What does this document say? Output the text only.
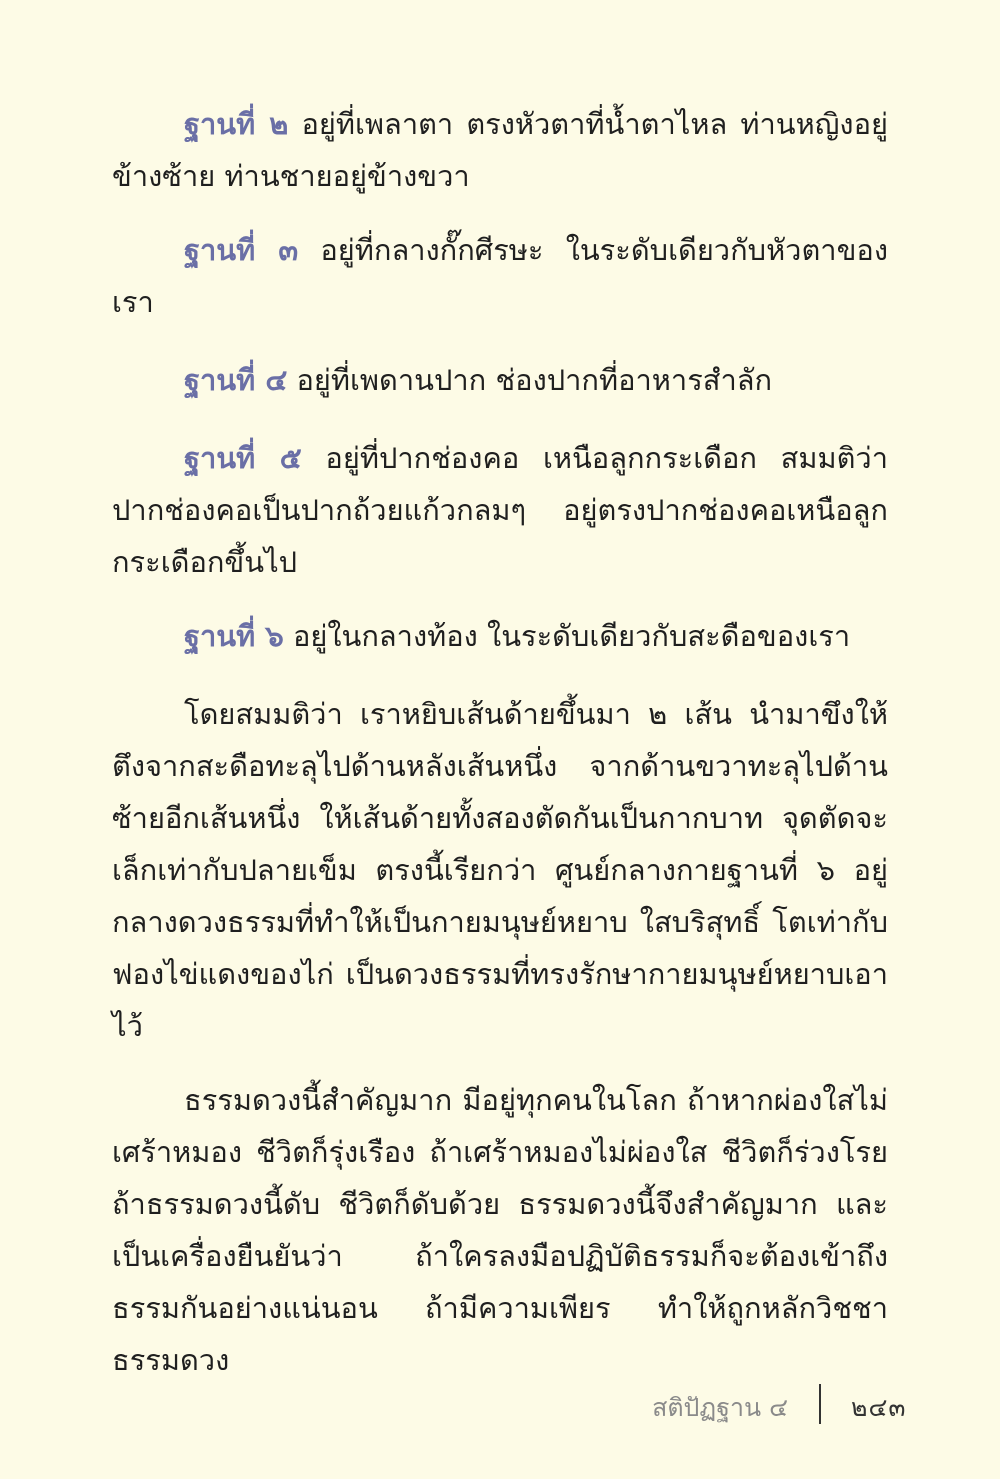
ฐานที่ ๒ อยู่ที่เพลาตา ตรงหัวตาที่น้ำตาไหล ท่านหญิงอยู่ข้างซ้าย ท่านชายอยู่ข้างขวา

ฐานที่ ๓ อยู่ที่กลางกั๊กศีรษะ ในระดับเดียวกับหัวตาของเรา

ฐานที่ ๔ อยู่ที่เพดานปาก ช่องปากที่อาหารสำลัก

ฐานที่ ๕ อยู่ที่ปากช่องคอ เหนือลูกกระเดือก สมมติว่าปากช่องคอเป็นปากถ้วยแก้วกลมๆ อยู่ตรงปากช่องคอเหนือลูกกระเดือกขึ้นไป

ฐานที่ ๖ อยู่ในกลางท้อง ในระดับเดียวกับสะดือของเรา

โดยสมมติว่า เราหยิบเส้นด้ายขึ้นมา ๒ เส้น นำมาขึงให้ตึงจากสะดือทะลุไปด้านหลังเส้นหนึ่ง จากด้านขวาทะลุไปด้านซ้ายอีกเส้นหนึ่ง ให้เส้นด้ายทั้งสองตัดกันเป็นกากบาท จุดตัดจะเล็กเท่ากับปลายเข็ม ตรงนี้เรียกว่า ศูนย์กลางกายฐานที่ ๖ อยู่กลางดวงธรรมที่ทำให้เป็นกายมนุษย์หยาบ ใสบริสุทธิ์ โตเท่ากับฟองไข่แดงของไก่ เป็นดวงธรรมที่ทรงรักษากายมนุษย์หยาบเอาไว้

ธรรมดวงนี้สำคัญมาก มีอยู่ทุกคนในโลก ถ้าหากผ่องใสไม่เศร้าหมอง ชีวิตก็รุ่งเรือง ถ้าเศร้าหมองไม่ผ่องใส ชีวิตก็ร่วงโรยถ้าธรรมดวงนี้ดับ ชีวิตก็ดับด้วย ธรรมดวงนี้จึงสำคัญมาก และเป็นเครื่องยืนยันว่า ถ้าใครลงมือปฏิบัติธรรมก็จะต้องเข้าถึงธรรมกันอย่างแน่นอน ถ้ามีความเพียร ทำให้ถูกหลักวิชชา ธรรมดวง

สติปัฏฐาน ๔	๒๔๓
